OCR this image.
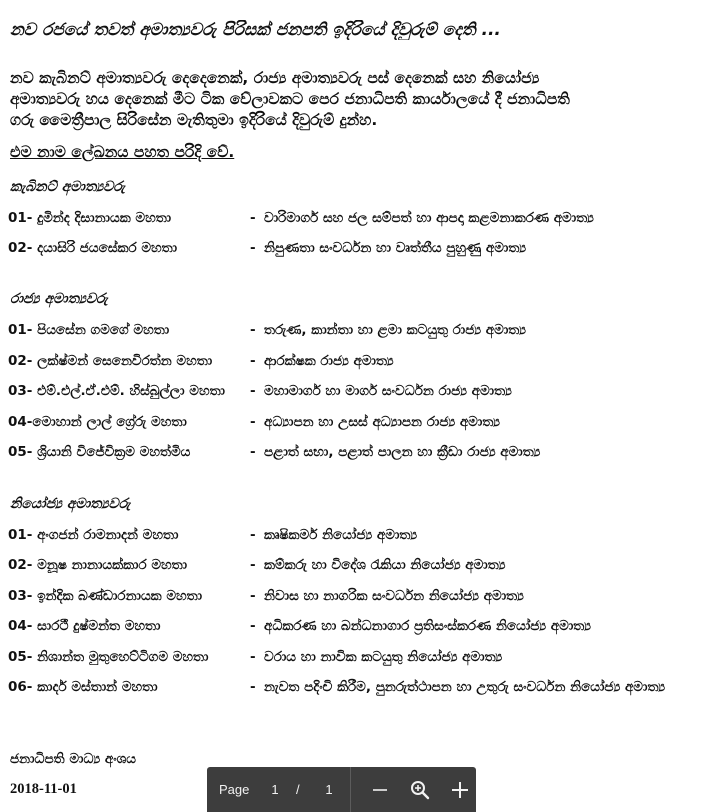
නව රජයේ තවත් අමාත්‍යවරු පිරිසක් ජනපති ඉදිරියේ දිවුරුම් දෙති ...
නව කැබිනට් අමාත්‍යවරු දෙදෙනෙක්, රාජ්‍ය අමාත්‍යවරු පස් දෙනෙක් සහ නියෝජ්‍ය
අමාත්‍යවරු හය දෙනෙක් මීට ටික වේලාවකට පෙර ජනාධිපති කාර්යාලයේ දී ජනාධිපති
ගරු මෛත්‍රීපාල සිරිසේන මැතිතුමා ඉදිරියේ දිවුරුම් දුන්හ.
එම නාම ලේඛනය පහත පරිදි වේ.
කැබිනට් අමාත්‍යවරු
01- දුමින්ද දිසානායක මහතා	- වාරිමාර්ග සහ ජල සම්පත් හා ආපදා කළමනාකරණ අමාත්‍ය
02- දයාසිරි ජයසේකර මහතා	- නිපුණතා සංවර්ධන හා වෘත්තීය පුහුණු අමාත්‍ය
රාජ්‍ය අමාත්‍යවරු
01- පියසේන ගමගේ මහතා	- තරුණ, කාන්තා හා ළමා කටයුතු රාජ්‍ය අමාත්‍ය
02- ලක්ෂ්මන් සෙනෙවිරත්න මහතා	- ආරක්ෂක රාජ්‍ය අමාත්‍ය
03- එම්.එල්.ඒ.එම්. හිස්බුල්ලා මහතා	- මහාමාර්ග හා මාර්ග සංවර්ධන රාජ්‍ය අමාත්‍ය
04-මොහාන් ලාල් ග්‍රේරු මහතා	- අධ්‍යාපන හා උසස් අධ්‍යාපන රාජ්‍ය අමාත්‍ය
05- ශ්‍රියානි විජේවික්‍රම මහත්මිය	- පළාත් සභා, පළාත් පාලන හා ක්‍රීඩා රාජ්‍ය අමාත්‍ය
නියෝජ්‍ය අමාත්‍යවරු
01- අංගජන් රාමනාදන් මහතා	- කෘෂිකර්ම නියෝජ්‍ය අමාත්‍ය
02- මනූෂ නානායක්කාර මහතා	- කම්කරු හා විදේශ රැකියා නියෝජ්‍ය අමාත්‍ය
03- ඉන්දික බණ්ඩාරනායක මහතා	- නිවාස හා නාගරික සංවර්ධන නියෝජ්‍ය අමාත්‍ය
04- සාරථී දුෂ්මන්ත මහතා	- අධිකරණ හා බන්ධනාගාර ප්‍රතිසංස්කරණ නියෝජ්‍ය අමාත්‍ය
05- නිශාන්ත මුතුහෙට්ටිගම මහතා	- වරාය හා නාවික කටයුතු නියෝජ්‍ය අමාත්‍ය
06- කාදර් මස්තාන් මහතා	- නැවත පදිංචි කිරීම, පුනරුත්ථාපන හා උතුරු සංවර්ධන නියෝජ්‍ය අමාත්‍ය
ජනාධිපති මාධ්‍ය අංශය
2018-11-01	Page 1 / 1
